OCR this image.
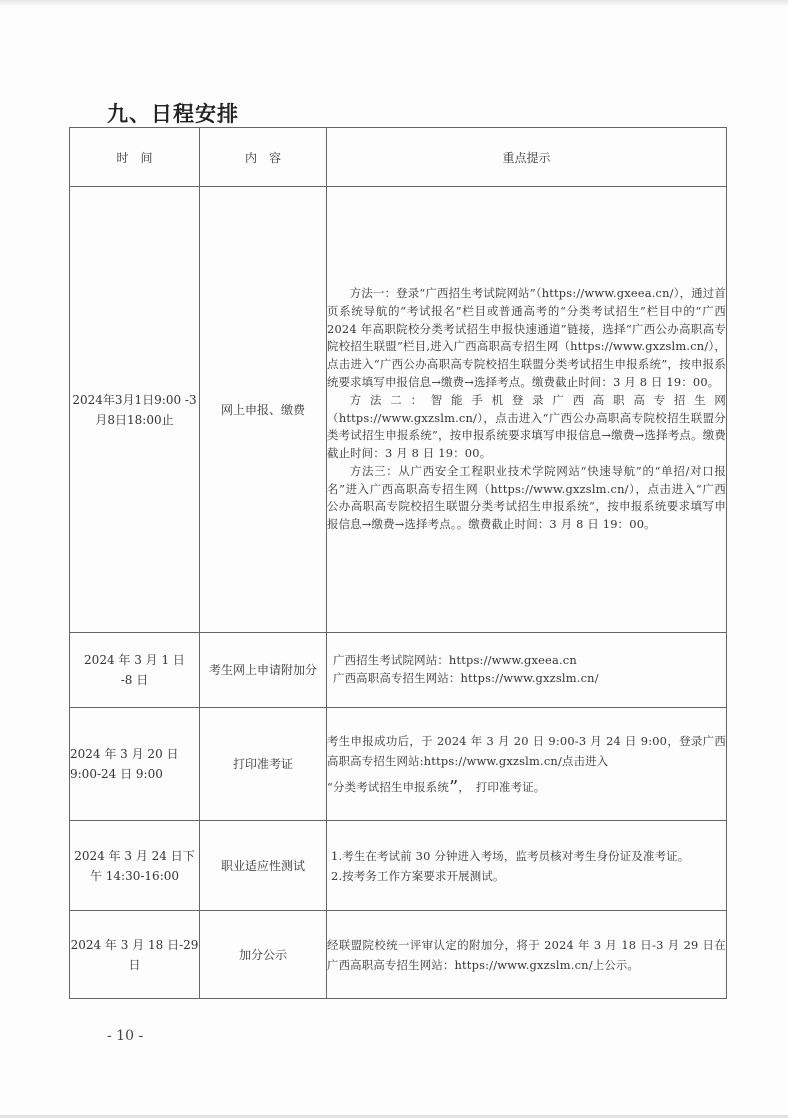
九、日程安排
时　间	内　容	重点提示
2024年3月1日9:00 -3月8日18:00止	网上申报、缴费	方法一：登录“广西招生考试院网站”（https://www.gxeea.cn/），通过首页系统导航的“考试报名”栏目或普通高考的“分类考试招生”栏目中的“广西 2024 年高职院校分类考试招生申报快速通道”链接，选择“广西公办高职高专院校招生联盟”栏目,进入广西高职高专招生网（https://www.gxzslm.cn/），点击进入“广西公办高职高专院校招生联盟分类考试招生申报系统”，按申报系统要求填写申报信息→缴费→选择考点。缴费截止时间：3 月 8 日 19：00。

方法二：智能手机登录广西高职高专招生网（https://www.gxzslm.cn/），点击进入“广西公办高职高专院校招生联盟分类考试招生申报系统”，按申报系统要求填写申报信息→缴费→选择考点。缴费截止时间：3 月 8 日 19：00。

方法三：从广西安全工程职业技术学院网站“快速导航”的“单招/对口报名”进入广西高职高专招生网（https://www.gxzslm.cn/），点击进入“广西公办高职高专院校招生联盟分类考试招生申报系统”，按申报系统要求填写申报信息→缴费→选择考点。。缴费截止时间：3 月 8 日 19：00。

2024 年 3 月 1 日 -8 日	考生网上申请附加分	广西招生考试院网站：https://www.gxeea.cn

广西高职高专招生网站：https://www.gxzslm.cn/

2024 年 3 月 20 日 9:00-24 日 9:00	打印准考证	考生申报成功后，于 2024 年 3 月 20 日 9:00-3 月 24 日 9:00，登录广西高职高专招生网站:https://www.gxzslm.cn/点击进入

“分类考试招生申报系统”，　打印准考证。

2024 年 3 月 24 日下午 14:30-16:00	职业适应性测试	1.考生在考试前 30 分钟进入考场，监考员核对考生身份证及准考证。

2.按考务工作方案要求开展测试。

2024 年 3 月 18 日-29 日	加分公示	经联盟院校统一评审认定的附加分，将于 2024 年 3 月 18 日-3 月 29 日在广西高职高专招生网站：https://www.gxzslm.cn/上公示。

- 10 -
